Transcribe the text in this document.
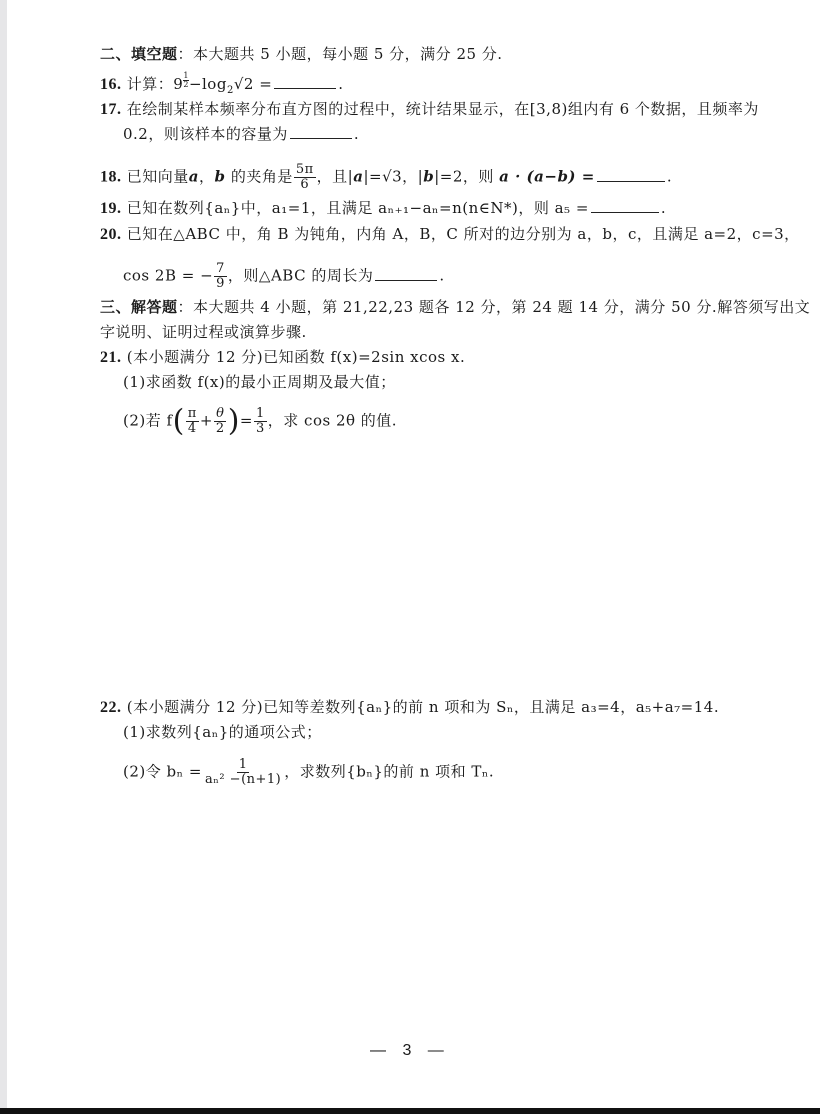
二、填空题：本大题共 5 小题，每小题 5 分，满分 25 分.
16. 计算：$9 \frac{1}{2} -\log_2√2$ =	.
17. 在绘制某样本频率分布直方图的过程中，统计结果显示，在[3,8)组内有 6 个数据，且频率为
0.2，则该样本的容量为	.
18. 已知向量a，b 的夹角是 $\frac{5\pi}{6}$ ，且|a|=√3，|b|=2，则 a · (a−b) =	.
19. 已知在数列{aₙ}中，a₁=1，且满足 aₙ₊₁−aₙ=n(n∈N*)，则 a₅ =	.
20. 已知在△ABC 中，角 B 为钝角，内角 A，B，C 所对的边分别为 a，b，c，且满足 a=2，c=3，
cos 2B = − $\frac{7}{9}$ ，则△ABC 的周长为	.
三、解答题：本大题共 4 小题，第 21,22,23 题各 12 分，第 24 题 14 分，满分 50 分.解答须写出文
字说明、证明过程或演算步骤.
21. (本小题满分 12 分)已知函数 f(x)=2sin xcos x.
(1)求函数 f(x)的最小正周期及最大值；
(2)若 $f( \frac{\pi}{4} + \frac{\theta}{2}$ )= $\frac{1}{3}$ ，求 cos 2θ 的值.
22. (本小题满分 12 分)已知等差数列{aₙ}的前 n 项和为 Sₙ，且满足 a₃=4，a₅+a₇=14.
(1)求数列{aₙ}的通项公式；
(2)令 $b_n = \frac{1}{\text{aₙ² −(n+1)}}$ ，求数列{bₙ}的前 n 项和 Tₙ.
— 3 —
